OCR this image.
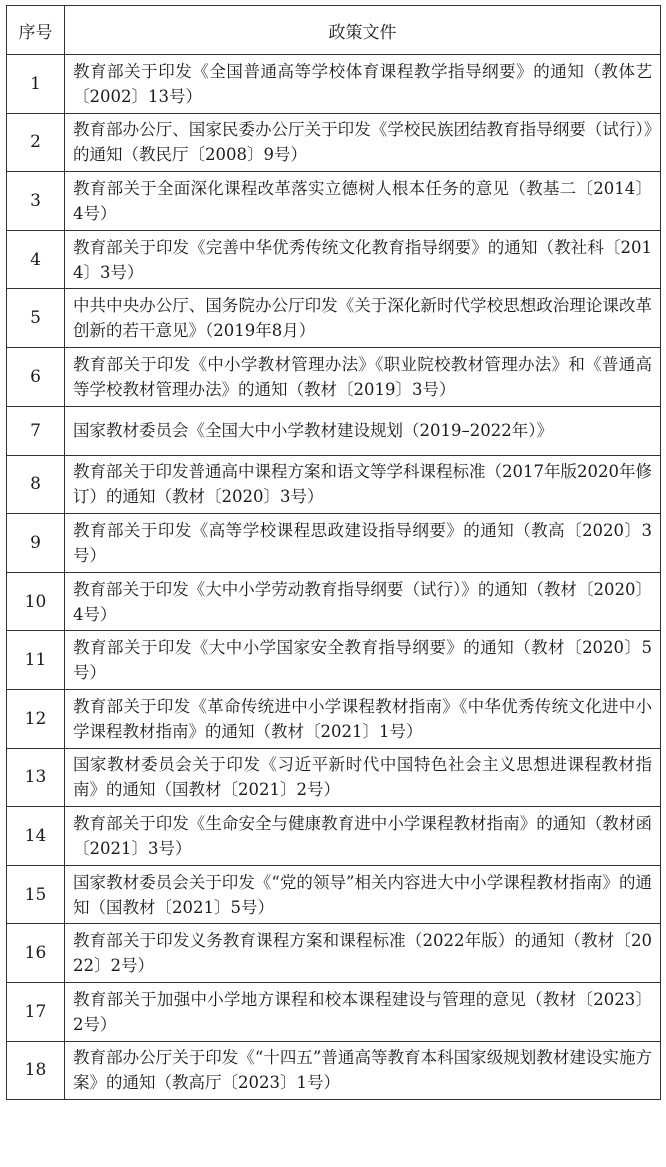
序号	政策文件
1	教育部关于印发《全国普通高等学校体育课程教学指导纲要》的通知（教体艺〔2002〕13号）
2	教育部办公厅、国家民委办公厅关于印发《学校民族团结教育指导纲要（试行）》的通知（教民厅〔2008〕9号）
3	教育部关于全面深化课程改革落实立德树人根本任务的意见（教基二〔2014〕4号）
4	教育部关于印发《完善中华优秀传统文化教育指导纲要》的通知（教社科〔2014〕3号）
5	中共中央办公厅、国务院办公厅印发《关于深化新时代学校思想政治理论课改革创新的若干意见》（2019年8月）
6	教育部关于印发《中小学教材管理办法》《职业院校教材管理办法》和《普通高等学校教材管理办法》的通知（教材〔2019〕3号）
7	国家教材委员会《全国大中小学教材建设规划（2019–2022年）》
8	教育部关于印发普通高中课程方案和语文等学科课程标准（2017年版2020年修订）的通知（教材〔2020〕3号）
9	教育部关于印发《高等学校课程思政建设指导纲要》的通知（教高〔2020〕3号）
10	教育部关于印发《大中小学劳动教育指导纲要（试行）》的通知（教材〔2020〕4号）
11	教育部关于印发《大中小学国家安全教育指导纲要》的通知（教材〔2020〕5号）
12	教育部关于印发《革命传统进中小学课程教材指南》《中华优秀传统文化进中小学课程教材指南》的通知（教材〔2021〕1号）
13	国家教材委员会关于印发《习近平新时代中国特色社会主义思想进课程教材指南》的通知（国教材〔2021〕2号）
14	教育部关于印发《生命安全与健康教育进中小学课程教材指南》的通知（教材函〔2021〕3号）
15	国家教材委员会关于印发《“党的领导”相关内容进大中小学课程教材指南》的通知（国教材〔2021〕5号）
16	教育部关于印发义务教育课程方案和课程标准（2022年版）的通知（教材〔2022〕2号）
17	教育部关于加强中小学地方课程和校本课程建设与管理的意见（教材〔2023〕2号）
18	教育部办公厅关于印发《“十四五”普通高等教育本科国家级规划教材建设实施方案》的通知（教高厅〔2023〕1号）
